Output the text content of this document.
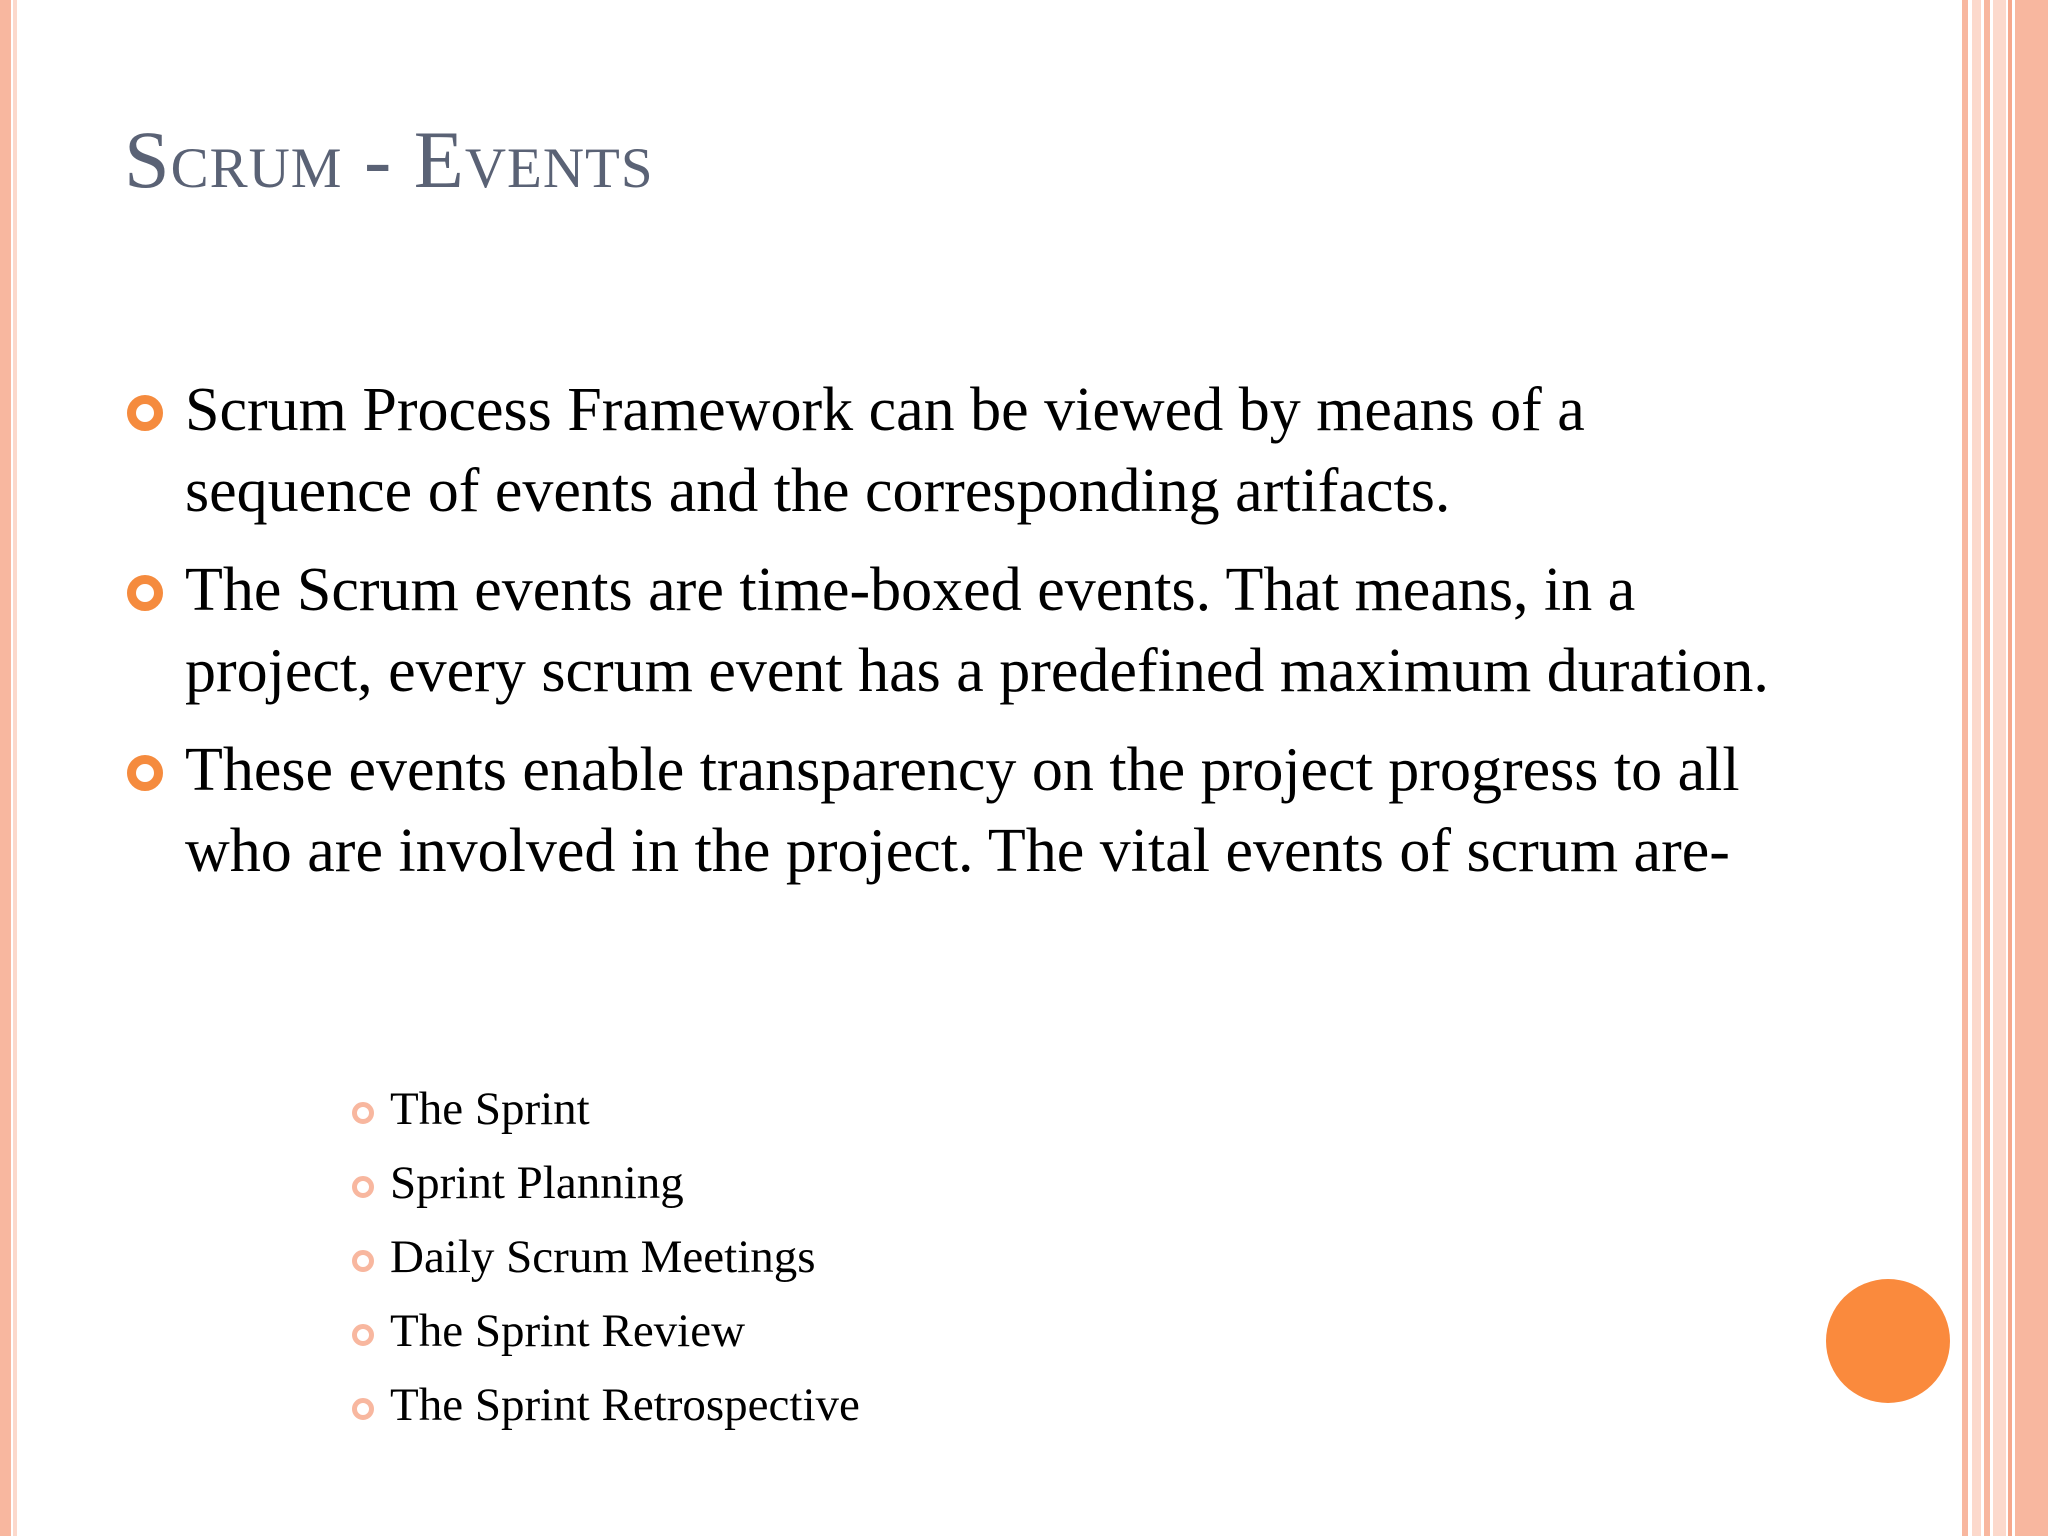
Scrum - Events
Scrum Process Framework can be viewed by means of a sequence of events and the corresponding artifacts.
The Scrum events are time-boxed events. That means, in a project, every scrum event has a predefined maximum duration.
These events enable transparency on the project progress to all who are involved in the project. The vital events of scrum are-
The Sprint
Sprint Planning
Daily Scrum Meetings
The Sprint Review
The Sprint Retrospective
